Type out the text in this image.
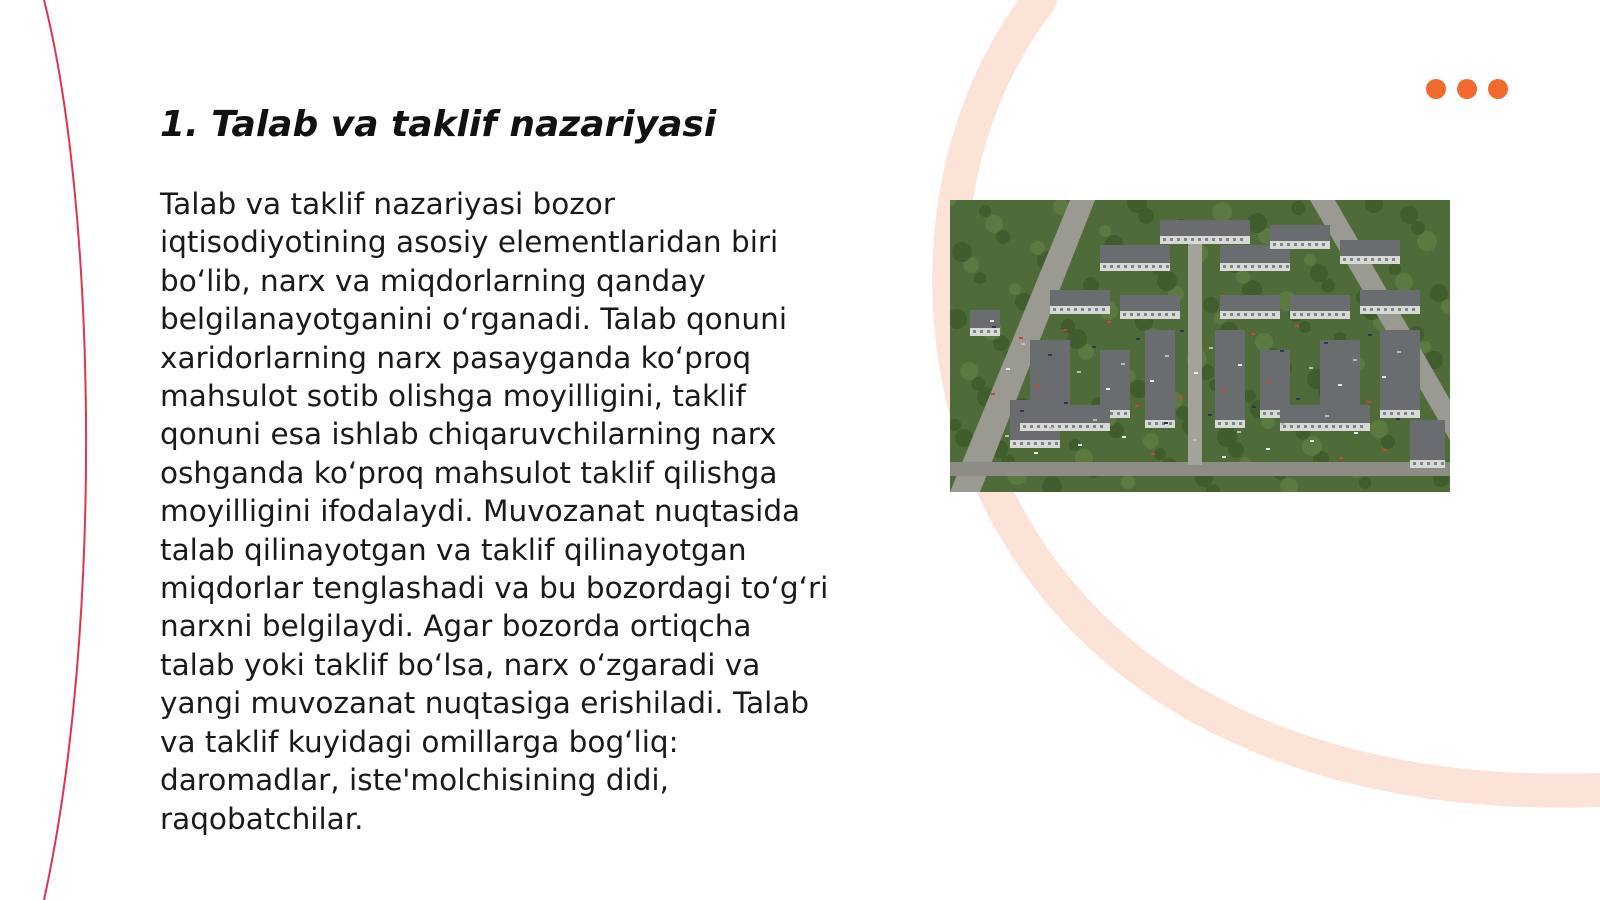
1. Talab va taklif nazariyasi

Talab va taklif nazariyasi bozor
iqtisodiyotining asosiy elementlaridan biri
bo‘lib, narx va miqdorlarning qanday
belgilanayotganini o‘rganadi. Talab qonuni
xaridorlarning narx pasayganda ko‘proq
mahsulot sotib olishga moyilligini, taklif
qonuni esa ishlab chiqaruvchilarning narx
oshganda ko‘proq mahsulot taklif qilishga
moyilligini ifodalaydi. Muvozanat nuqtasida
talab qilinayotgan va taklif qilinayotgan
miqdorlar tenglashadi va bu bozordagi to‘g‘ri
narxni belgilaydi. Agar bozorda ortiqcha
talab yoki taklif bo‘lsa, narx o‘zgaradi va
yangi muvozanat nuqtasiga erishiladi. Talab
va taklif kuyidagi omillarga bog‘liq:
daromadlar, iste'molchisining didi,
raqobatchilar.
